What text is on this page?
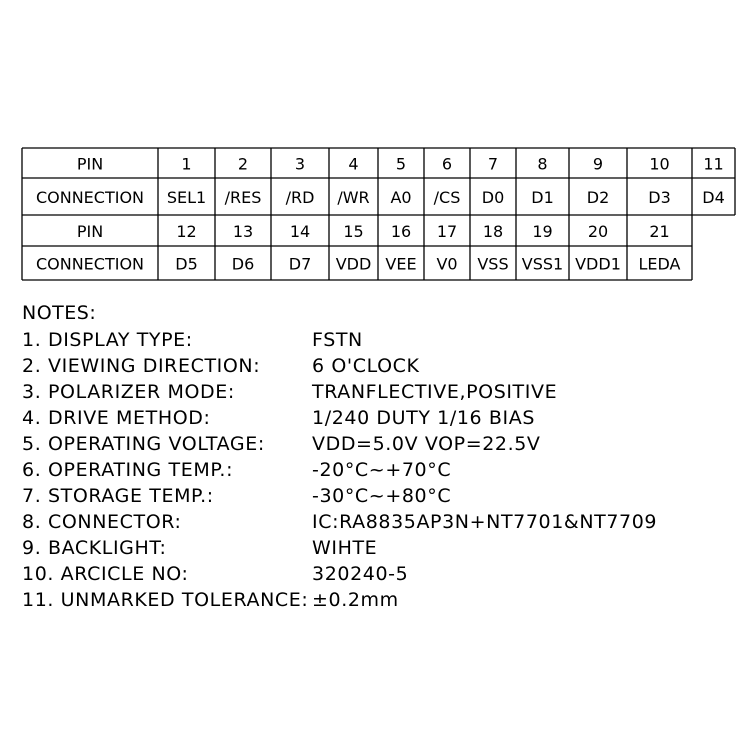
PIN	1	2	3	4 5 6 7 8	9	10 11
CONNECTION SEL1 /RES /RD /WR A0 /CS D0 D1 D2 D3 D4
PIN	12 13 14 15 16 17 18 19 20	21
CONNECTION D5 D6 D7 VDD VEE V0 VSS VSS1 VDD1 LEDA
NOTES:
1. DISPLAY TYPE:	FSTN
2. VIEWING DIRECTION:	6 O'CLOCK
3. POLARIZER MODE:	TRANFLECTIVE,POSITIVE
4. DRIVE METHOD:	1/240 DUTY 1/16 BIAS
5. OPERATING VOLTAGE: VDD=5.0V VOP=22.5V
6. OPERATING TEMP.:	-20°C~+70°C
7. STORAGE TEMP.:	-30°C~+80°C
8. CONNECTOR:	IC:RA8835AP3N+NT7701&NT7709
9. BACKLIGHT:	WIHTE
10. ARCICLE NO:	320240-5
11. UNMARKED TOLERANCE: ±0.2mm
